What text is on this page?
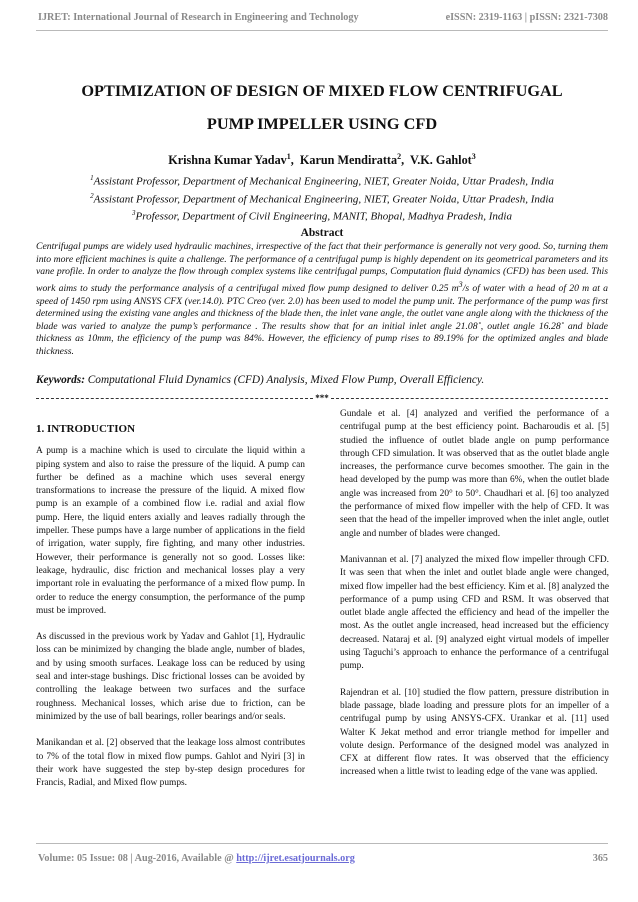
IJRET: International Journal of Research in Engineering and Technology	eISSN: 2319-1163 | pISSN: 2321-7308
OPTIMIZATION OF DESIGN OF MIXED FLOW CENTRIFUGAL
PUMP IMPELLER USING CFD
Krishna Kumar Yadav$^1$,  Karun Mendiratta$^2$,  V.K. Gahlot$^3$
$^1$Assistant Professor, Department of Mechanical Engineering, NIET, Greater Noida, Uttar Pradesh, India
$^2$Assistant Professor, Department of Mechanical Engineering, NIET, Greater Noida, Uttar Pradesh, India
$^3$Professor, Department of Civil Engineering, MANIT, Bhopal, Madhya Pradesh, India
Abstract
Centrifugal pumps are widely used hydraulic machines, irrespective of the fact that their performance is generally not very good. So, turning them into more efficient machines is quite a challenge. The performance of a centrifugal pump is highly dependent on its geometrical parameters and its vane profile. In order to analyze the flow through complex systems like centrifugal pumps, Computation fluid dynamics (CFD) has been used. This work aims to study the performance analysis of a centrifugal mixed flow pump designed to deliver 0.25 $m^3/s$ of water with a head of 20 m at a speed of 1450 rpm using ANSYS CFX (ver.14.0). PTC Creo (ver. 2.0) has been used to model the pump unit. The performance of the pump was first determined using the existing vane angles and thickness of the blade then, the inlet vane angle, the outlet vane angle along with the thickness of the blade was varied to analyze the pump’s performance . The results show that for an initial inlet angle 21.08˚, outlet angle 16.28˚ and blade thickness as 10mm, the efficiency of the pump was 84%. However, the efficiency of pump rises to 89.19% for the optimized angles and blade thickness.
Keywords: Computational Fluid Dynamics (CFD) Analysis, Mixed Flow Pump, Overall Efficiency.
***
1. INTRODUCTION

A pump is a machine which is used to circulate the liquid within a piping system and also to raise the pressure of the liquid. A pump can further be defined as a machine which uses several energy transformations to increase the pressure of the liquid. A mixed flow pump is an example of a combined flow i.e. radial and axial flow pump. Here, the liquid enters axially and leaves radially through the impeller. These pumps have a large number of applications in the field of irrigation, water supply, fire fighting, and many other industries. However, their performance is generally not so good. Losses like: leakage, hydraulic, disc friction and mechanical losses play a very important role in evaluating the performance of a mixed flow pump. In order to reduce the energy consumption, the performance of the pump must be improved.

As discussed in the previous work by Yadav and Gahlot [1], Hydraulic loss can be minimized by changing the blade angle, number of blades, and by using smooth surfaces. Leakage loss can be reduced by using seal and inter-stage bushings. Disc frictional losses can be avoided by controlling the leakage between two surfaces and the surface roughness. Mechanical losses, which arise due to friction, can be minimized by the use of ball bearings, roller bearings and/or seals.

Manikandan et al. [2] observed that the leakage loss almost contributes to 7% of the total flow in mixed flow pumps. Gahlot and Nyiri [3] in their work have suggested the step by-step design procedures for Francis, Radial, and Mixed flow pumps.

Gundale et al. [4] analyzed and verified the performance of a centrifugal pump at the best efficiency point. Bacharoudis et al. [5] studied the influence of outlet blade angle on pump performance through CFD simulation. It was observed that as the outlet blade angle increases, the performance curve becomes smoother. The gain in the head developed by the pump was more than 6%, when the outlet blade angle was increased from 20° to 50°. Chaudhari et al. [6] too analyzed the performance of mixed flow impeller with the help of CFD. It was seen that the head of the impeller improved when the inlet angle, outlet angle and number of blades were changed.

Manivannan et al. [7] analyzed the mixed flow impeller through CFD. It was seen that when the inlet and outlet blade angle were changed, mixed flow impeller had the best efficiency. Kim et al. [8] analyzed the performance of a pump using CFD and RSM. It was observed that outlet blade angle affected the efficiency and head of the impeller the most. As the outlet angle increased, head increased but the efficiency decreased. Nataraj et al. [9] analyzed eight virtual models of impeller using Taguchi’s approach to enhance the performance of a centrifugal pump.

Rajendran et al. [10] studied the flow pattern, pressure distribution in blade passage, blade loading and pressure plots for an impeller of a centrifugal pump by using ANSYS-CFX. Urankar et al. [11] used Walter K Jekat method and error triangle method for impeller and volute design. Performance of the designed model was analyzed in CFX at different flow rates. It was observed that the efficiency increased when a little twist to leading edge of the vane was applied.

Volume: 05 Issue: 08 | Aug-2016, Available @ http://ijret.esatjournals.org	365
